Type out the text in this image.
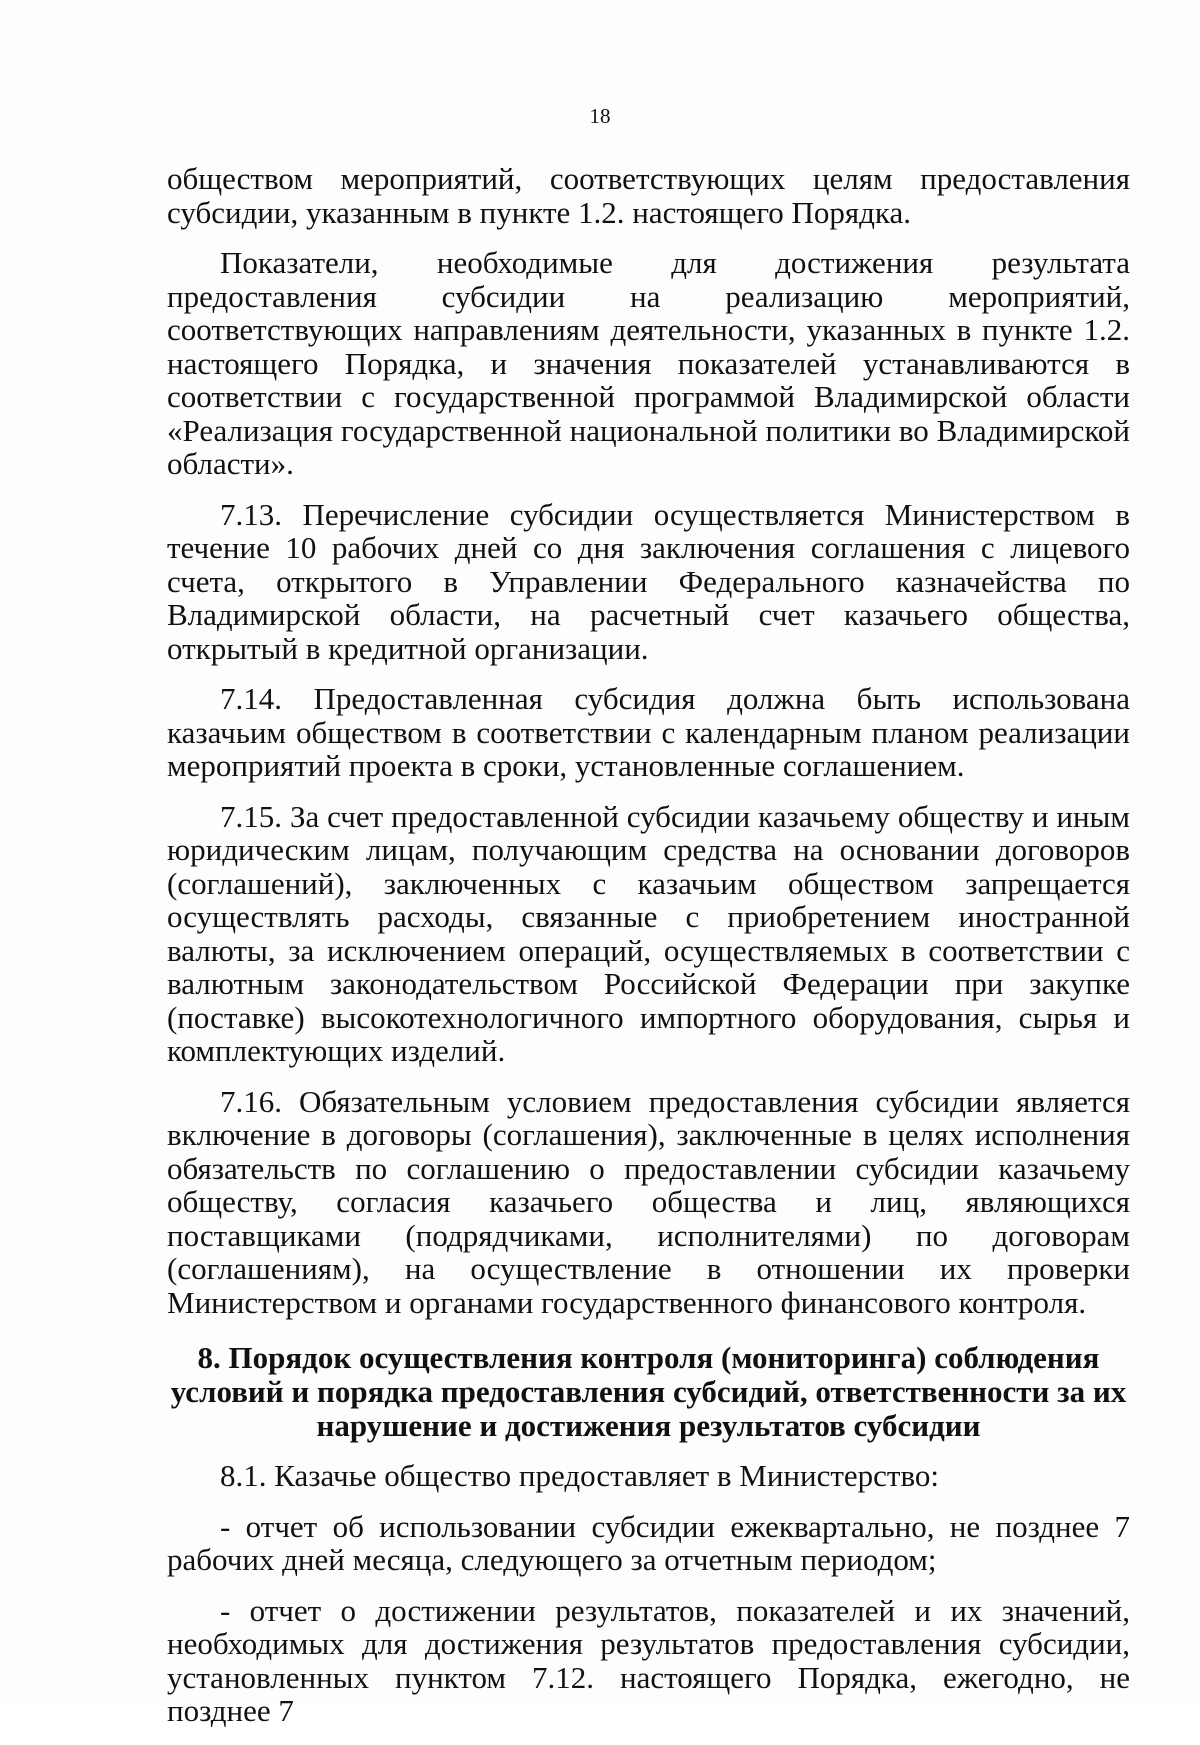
18

обществом мероприятий, соответствующих целям предоставления субсидии, указанным в пункте 1.2. настоящего Порядка.

Показатели, необходимые для достижения результата предоставления субсидии на реализацию мероприятий, соответствующих направлениям деятельности, указанных в пункте 1.2. настоящего Порядка, и значения показателей устанавливаются в соответствии с государственной программой Владимирской области «Реализация государственной национальной политики во Владимирской области».

7.13. Перечисление субсидии осуществляется Министерством в течение 10 рабочих дней со дня заключения соглашения с лицевого счета, открытого в Управлении Федерального казначейства по Владимирской области, на расчетный счет казачьего общества, открытый в кредитной организации.

7.14. Предоставленная субсидия должна быть использована казачьим обществом в соответствии с календарным планом реализации мероприятий проекта в сроки, установленные соглашением.

7.15. За счет предоставленной субсидии казачьему обществу и иным юридическим лицам, получающим средства на основании договоров (соглашений), заключенных с казачьим обществом запрещается осуществлять расходы, связанные с приобретением иностранной валюты, за исключением операций, осуществляемых в соответствии с валютным законодательством Российской Федерации при закупке (поставке) высокотехнологичного импортного оборудования, сырья и комплектующих изделий.

7.16. Обязательным условием предоставления субсидии является включение в договоры (соглашения), заключенные в целях исполнения обязательств по соглашению о предоставлении субсидии казачьему обществу, согласия казачьего общества и лиц, являющихся поставщиками (подрядчиками, исполнителями) по договорам (соглашениям), на осуществление в отношении их проверки Министерством и органами государственного финансового контроля.

8. Порядок осуществления контроля (мониторинга) соблюдения
условий и порядка предоставления субсидий, ответственности за их
нарушение и достижения результатов субсидии

8.1. Казачье общество предоставляет в Министерство:

- отчет об использовании субсидии ежеквартально, не позднее 7 рабочих дней месяца, следующего за отчетным периодом;

- отчет о достижении результатов, показателей и их значений, необходимых для достижения результатов предоставления субсидии, установленных пунктом 7.12. настоящего Порядка, ежегодно, не позднее 7
